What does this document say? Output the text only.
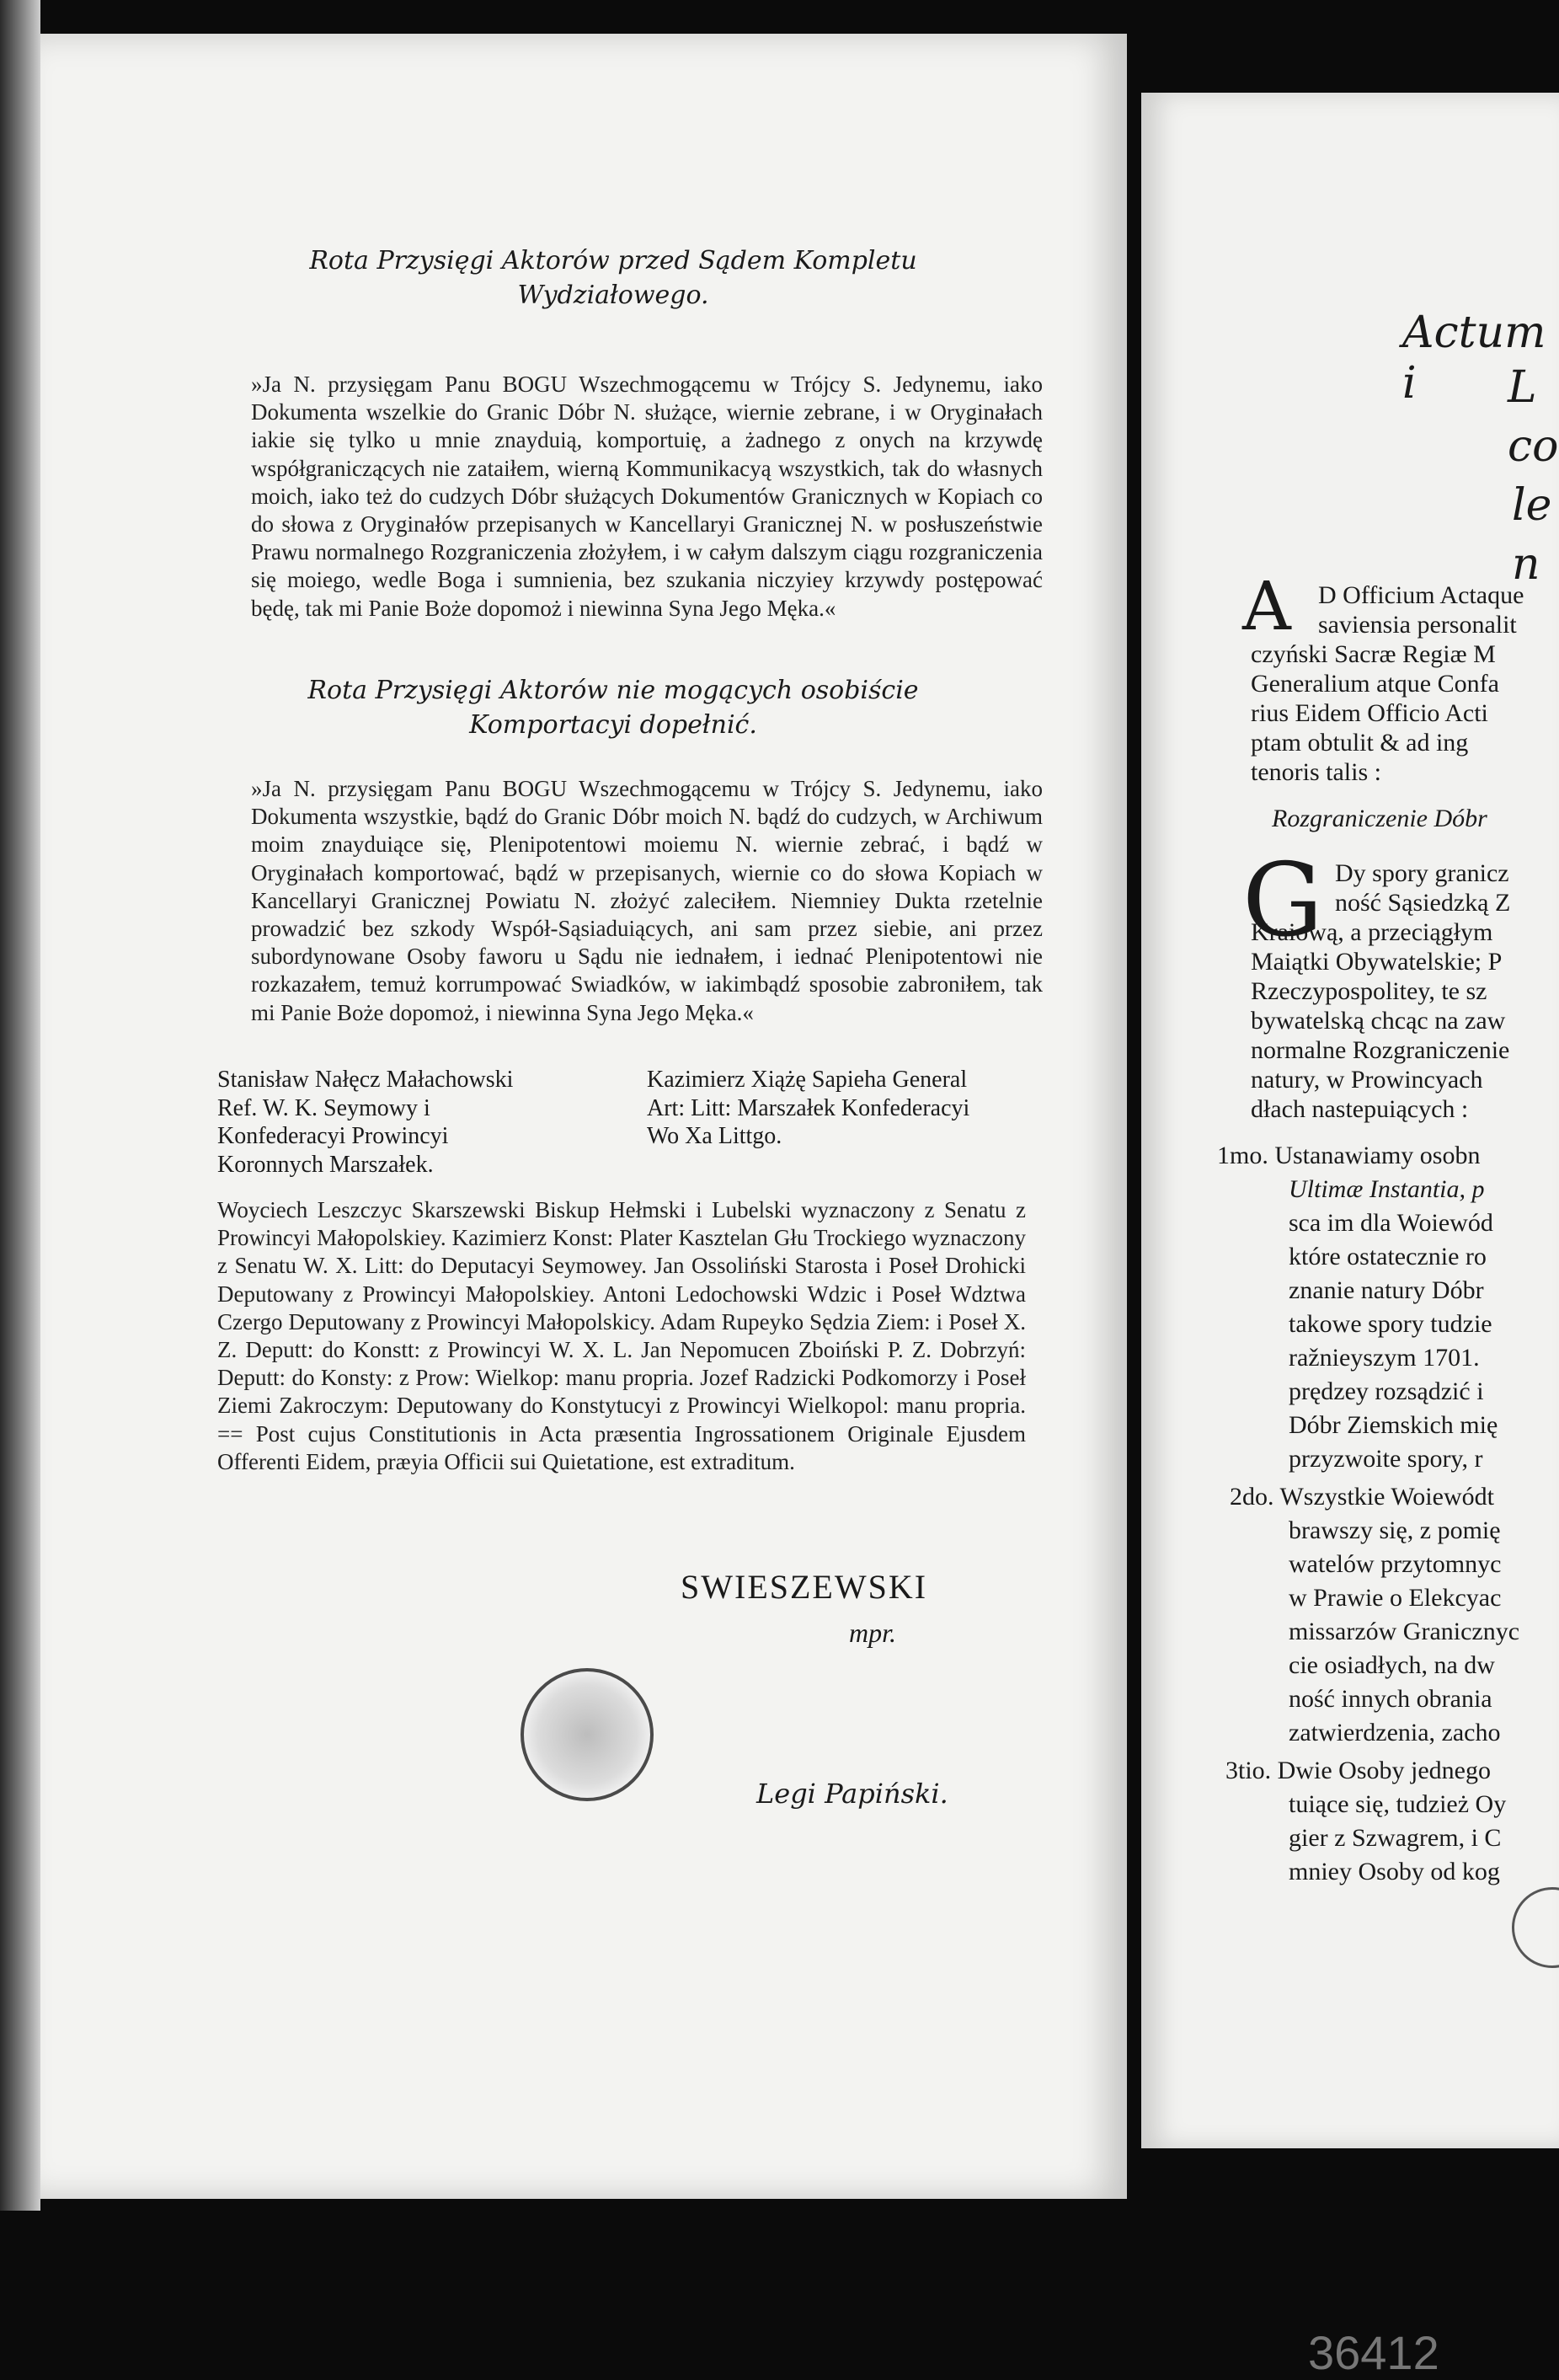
Rota Przysięgi Aktorów przed Sądem Kompletu Wydziałowego.
»Ja N. przysięgam Panu BOGU Wszechmogącemu w Trójcy S. Jedynemu, iako Dokumenta wszelkie do Granic Dóbr N. służące, wiernie zebrane, i w Oryginałach iakie się tylko u mnie znayduią, komportuię, a żadnego z onych na krzywdę współgraniczących nie zataiłem, wierną Kommunikacyą wszystkich, tak do własnych moich, iako też do cudzych Dóbr służących Dokumentów Granicznych w Kopiach co do słowa z Oryginałów przepisanych w Kancellaryi Granicznej N. w posłuszeństwie Prawu normalnego Rozgraniczenia złożyłem, i w całym dalszym ciągu rozgraniczenia się moiego, wedle Boga i sumnienia, bez szukania niczyiey krzywdy postępować będę, tak mi Panie Boże dopomoż i niewinna Syna Jego Męka.«
Rota Przysięgi Aktorów nie mogących osobiście Komportacyi dopełnić.
»Ja N. przysięgam Panu BOGU Wszechmogącemu w Trójcy S. Jedynemu, iako Dokumenta wszystkie, bądź do Granic Dóbr moich N. bądź do cudzych, w Archiwum moim znayduiące się, Plenipotentowi moiemu N. wiernie zebrać, i bądź w Oryginałach komportować, bądź w przepisanych, wiernie co do słowa Kopiach w Kancellaryi Granicznej Powiatu N. złożyć zaleciłem. Niemniey Dukta rzetelnie prowadzić bez szkody Współ-Sąsiaduiących, ani sam przez siebie, ani przez subordynowane Osoby faworu u Sądu nie iednałem, i iednać Plenipotentowi nie rozkazałem, temuż korrumpować Swiadków, w iakimbądź sposobie zabroniłem, tak mi Panie Boże dopomoż, i niewinna Syna Jego Męka.«
Stanisław Nałęcz Małachowski Ref. W. K. Seymowy i Konfederacyi Prowincyi Koronnych Marszałek.
Kazimierz Xiążę Sapieha General Art: Litt: Marszałek Konfederacyi Wo Xa Littgo.
Woyciech Leszczyc Skarszewski Biskup Hełmski i Lubelski wyznaczony z Senatu z Prowincyi Małopolskiey. Kazimierz Konst: Plater Kasztelan Głu Trockiego wyznaczony z Senatu W. X. Litt: do Deputacyi Seymowey. Jan Ossoliński Starosta i Poseł Drohicki Deputowany z Prowincyi Małopolskiey. Antoni Ledochowski Wdzic i Poseł Wdztwa Czergo Deputowany z Prowincyi Małopolskicy. Adam Rupeyko Sędzia Ziem: i Poseł X. Z. Deputt: do Konstt: z Prowincyi W. X. L. Jan Nepomucen Zboiński P. Z. Dobrzyń: Deputt: do Konsty: z Prow: Wielkop: manu propria. Jozef Radzicki Podkomorzy i Poseł Ziemi Zakroczym: Deputowany do Konstytucyi z Prowincyi Wielkopol: manu propria. == Post cujus Constitutionis in Acta præsentia Ingrossationem Originale Ejusdem Offerenti Eidem, præyia Officii sui Quietatione, est extraditum.
SWIESZEWSKI
mpr.
Legi Papiński.
36412
Actum i	L
co
le
n
A
G
D Officium Actaque
saviensia personalit
czyński Sacræ Regiæ M
Generalium atque Confa
rius Eidem Officio Acti
ptam obtulit & ad ing
tenoris talis :
Rozgraniczenie Dóbr
Dy spory granicz
ność Sąsiedzką Z
Kraiową, a przeciągłym
Maiątki Obywatelskie; P
Rzeczypospolitey, te sz
bywatelską chcąc na zaw
normalne Rozgraniczenie
natury, w Prowincyach
dłach nastepuiących :
1mo. Ustanawiamy osobn
Ultimæ Instantia, p
sca im dla Woiewód
które ostatecznie ro
znanie natury Dóbr
takowe spory tudzie
ražnieyszym 1701.
prędzey rozsądzić i
Dóbr Ziemskich mię
przyzwoite spory, r
2do. Wszystkie Woiewódt
brawszy się, z pomię
watelów przytomnyc
w Prawie o Elekcyac
missarzów Granicznyc
cie osiadłych, na dw
ność innych obrania
zatwierdzenia, zacho
3tio. Dwie Osoby jednego
tuiące się, tudzież Oy
gier z Szwagrem, i C
mniey Osoby od kog
